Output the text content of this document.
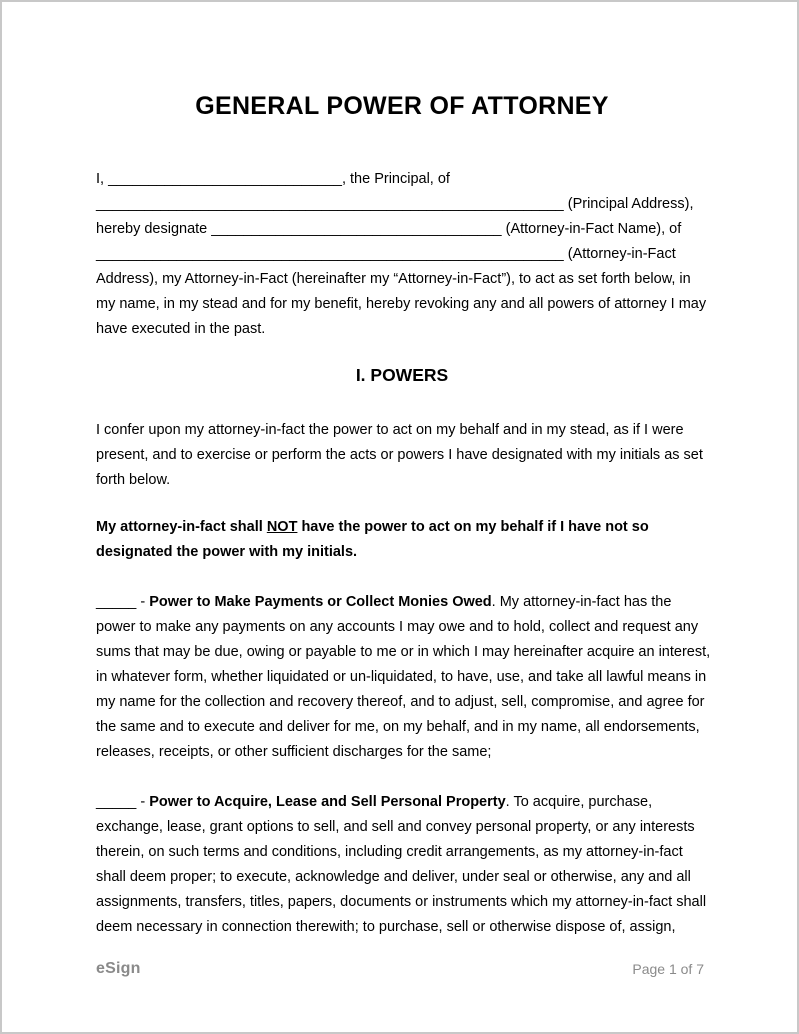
GENERAL POWER OF ATTORNEY
I, _____________________________, the Principal, of
__________________________________________________________ (Principal Address),
hereby designate ____________________________________ (Attorney-in-Fact Name), of
__________________________________________________________ (Attorney-in-Fact
Address), my Attorney-in-Fact (hereinafter my “Attorney-in-Fact”), to act as set forth below, in
my name, in my stead and for my benefit, hereby revoking any and all powers of attorney I may
have executed in the past.
I. POWERS
I confer upon my attorney-in-fact the power to act on my behalf and in my stead, as if I were
present, and to exercise or perform the acts or powers I have designated with my initials as set
forth below.
My attorney-in-fact shall NOT have the power to act on my behalf if I have not so
designated the power with my initials.
_____ - Power to Make Payments or Collect Monies Owed. My attorney-in-fact has the
power to make any payments on any accounts I may owe and to hold, collect and request any
sums that may be due, owing or payable to me or in which I may hereinafter acquire an interest,
in whatever form, whether liquidated or un-liquidated, to have, use, and take all lawful means in
my name for the collection and recovery thereof, and to adjust, sell, compromise, and agree for
the same and to execute and deliver for me, on my behalf, and in my name, all endorsements,
releases, receipts, or other sufficient discharges for the same;
_____ - Power to Acquire, Lease and Sell Personal Property. To acquire, purchase,
exchange, lease, grant options to sell, and sell and convey personal property, or any interests
therein, on such terms and conditions, including credit arrangements, as my attorney-in-fact
shall deem proper; to execute, acknowledge and deliver, under seal or otherwise, any and all
assignments, transfers, titles, papers, documents or instruments which my attorney-in-fact shall
deem necessary in connection therewith; to purchase, sell or otherwise dispose of, assign,
eSign	Page 1 of 7
